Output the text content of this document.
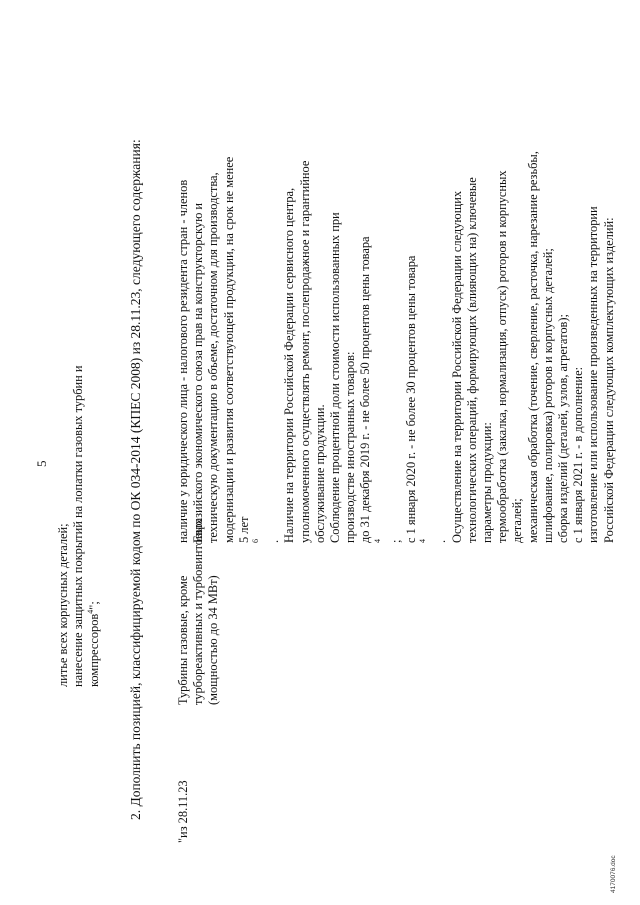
5
литье всех корпусных деталей; нанесение защитных покрытий на лопатки газовых турбин и компрессоров$^4$"; 2. Дополнить позицией, классифицируемой кодом по ОК 034-2014 (КПЕС 2008) из 28.11.23, следующего содержания:	"из 28.11.23
Турбины газовые, кроме турбореактивных и турбовинтовых (мощностью до 34 МВт)
наличие у юридического лица - налогового резидента стран - членов Евразийского экономического союза прав на конструкторскую и техническую документацию в объеме, достаточном для производства, модернизации и развития соответствующей продукции, на срок не менее 5 лет $^6$ . Наличие на территории Российской Федерации сервисного центра, уполномоченного осуществлять ремонт, послепродажное и гарантийное обслуживание продукции. Соблюдение процентной доли стоимости использованных при производстве иностранных товаров: до 31 декабря 2019 г. - не более 50 процентов цены товара $^4$ ; с 1 января 2020 г. - не более 30 процентов цены товара $^4$ . Осуществление на территории Российской Федерации следующих технологических операций, формирующих (влияющих на) ключевые параметры продукции: термообработка (закалка, нормализация, отпуск) роторов и корпусных деталей; механическая обработка (точение, сверление, расточка, нарезание резьбы, шлифование, полировка) роторов и корпусных деталей; сборка изделий (деталей, узлов, агрегатов); с 1 января 2021 г. - в дополнение: изготовление или использование произведенных на территории Российской Федерации следующих комплектующих изделий:
4170076.doc
